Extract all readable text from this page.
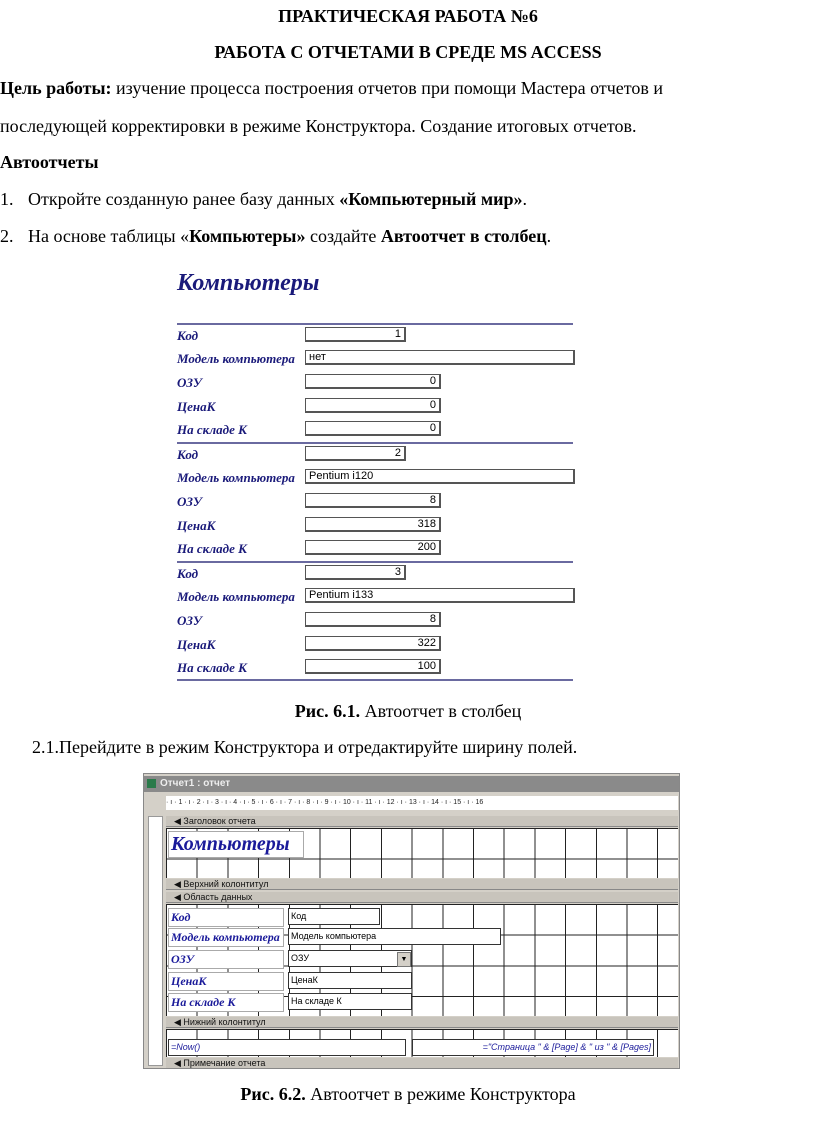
ПРАКТИЧЕСКАЯ РАБОТА №6
РАБОТА С ОТЧЕТАМИ В СРЕДЕ MS ACCESS
Цель работы: изучение процесса построения отчетов при помощи Мастера отчетов и
последующей корректировки в режиме Конструктора. Создание итоговых отчетов.
Автоотчеты
1. Откройте созданную ранее базу данных «Компьютерный мир».
2. На основе таблицы «Компьютеры» создайте Автоотчет в столбец.
Компьютеры
Код	1
Модель компьютера	нет
ОЗУ	0
ЦенаК	0
На складе К	0
Код	2
Модель компьютера	Pentium i120
ОЗУ	8
ЦенаК	318
На складе К	200
Код	3
Модель компьютера	Pentium i133
ОЗУ	8
ЦенаК	322
На складе К	100
Рис. 6.1. Автоотчет в столбец
2.1.Перейдите в режим Конструктора и отредактируйте ширину полей.
Отчет1 : отчет
· ı · 1 · ı · 2 · ı · 3 · ı · 4 · ı · 5 · ı · 6 · ı · 7 · ı · 8 · ı · 9 · ı · 10 · ı · 11 · ı · 12 · ı · 13 · ı · 14 · ı · 15 · ı · 16
◀ Заголовок отчета
Компьютеры
◀ Верхний колонтитул
◀ Область данных
Код
Код
Модель компьютера
Модель компьютера
ОЗУ
ОЗУ	▼
ЦенаК
ЦенаК
На складе К
На складе К
◀ Нижний колонтитул
=Now()	="Страница " & [Page] & " из " & [Pages]
◀ Примечание отчета
Рис. 6.2. Автоотчет в режиме Конструктора
